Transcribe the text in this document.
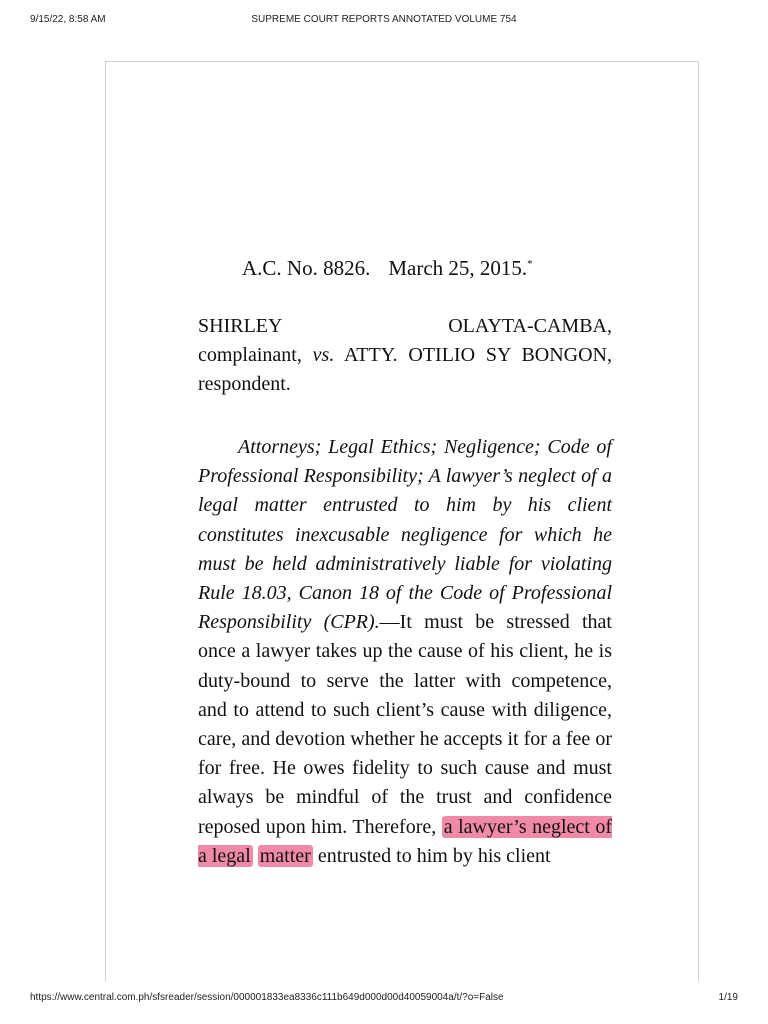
9/15/22, 8:58 AM	SUPREME COURT REPORTS ANNOTATED VOLUME 754
A.C. No. 8826. March 25, 2015.*
SHIRLEY	OLAYTA-CAMBA,
complainant, vs. ATTY. OTILIO SY BONGON, respondent.

Attorneys; Legal Ethics; Negligence; Code of Professional Responsibility; A lawyer’s neglect of a legal matter entrusted to him by his client constitutes inexcusable negligence for which he must be held administratively liable for violating Rule 18.03, Canon 18 of the Code of Professional Responsibility (CPR).—It must be stressed that once a lawyer takes up the cause of his client, he is duty-bound to serve the latter with competence, and to attend to such client’s cause with diligence, care, and devotion whether he accepts it for a fee or for free. He owes fidelity to such cause and must always be mindful of the trust and confidence reposed upon him. Therefore, a lawyer’s neglect of a legal matter entrusted to him by his client

https://www.central.com.ph/sfsreader/session/000001833ea8336c111b649d000d00d40059004a/t/?o=False	1/19
